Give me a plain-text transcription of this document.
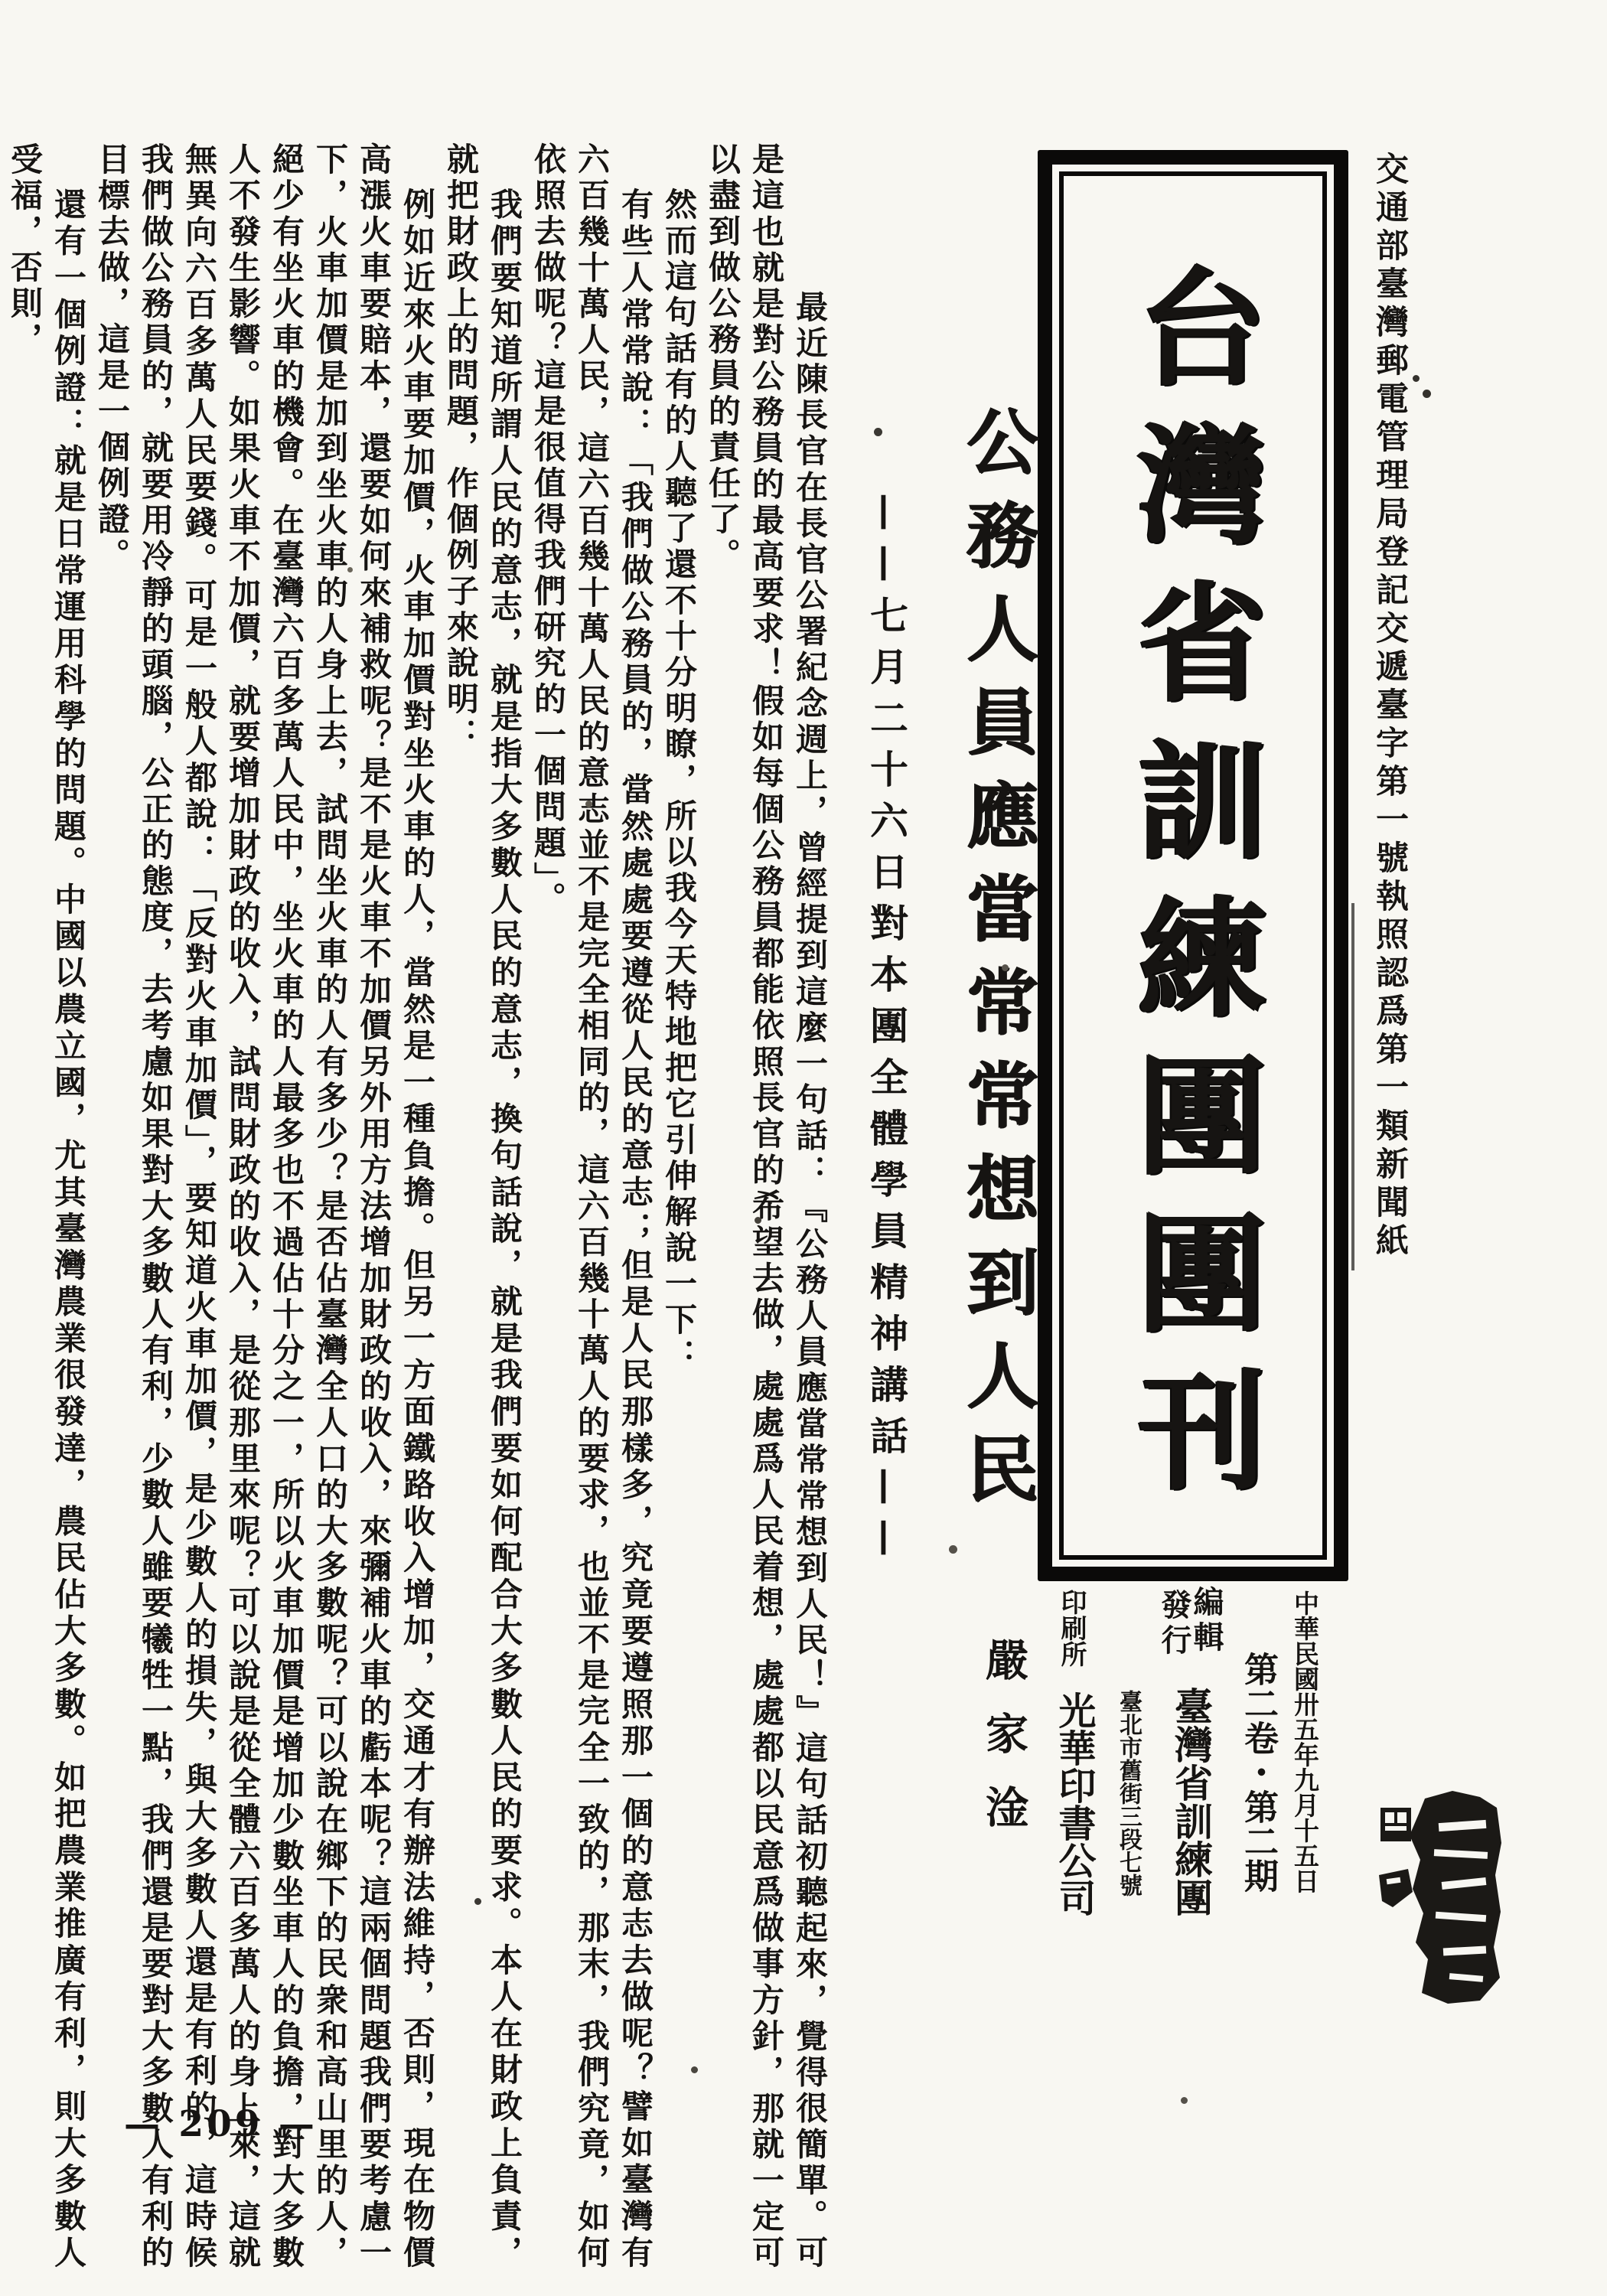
交通部臺灣郵電管理局登記交遞臺字第一號執照認爲第一類新聞紙
台灣省訓練團團刊
中華民國卅五年九月十五日
第二卷・第二期
編輯
發行
臺灣省訓練團
臺北市舊街三段七號
印刷所
光華印書公司
公務人員應當常常想到人民
——七月二十六日對本團全體學員精神講話——
嚴家淦

最近陳長官在長官公署紀念週上，曾經提到這麼一句話：『公務人員應當常常想到人民！』這句話初聽起來，覺得很簡單。可是這也就是對公務員的最高要求！假如每個公務員都能依照長官的希望去做，處處爲人民着想，處處都以民意爲做事方針，那就一定可以盡到做公務員的責任了。

然而這句話有的人聽了還不十分明瞭，所以我今天特地把它引伸解說一下：

有些人常常說：「我們做公務員的，當然處處要遵從人民的意志；但是人民那樣多，究竟要遵照那一個的意志去做呢？譬如臺灣有六百幾十萬人民，這六百幾十萬人民的意志並不是完全相同的，這六百幾十萬人的要求，也並不是完全一致的，那末，我們究竟，如何依照去做呢？這是很值得我們研究的一個問題」。

我們要知道所謂人民的意志，就是指大多數人民的意志，換句話說，就是我們要如何配合大多數人民的要求。本人在財政上負責，就把財政上的問題，作個例子來說明：

例如近來火車要加價，火車加價對坐火車的人，當然是一種負擔。但另一方面鐵路收入增加，交通才有辦法維持，否則，現在物價高漲火車要賠本，還要如何來補救呢？是不是火車不加價另外用方法增加財政的收入，來彌補火車的虧本呢？這兩個問題我們要考慮一下，火車加價是加到坐火車的人身上去，試問坐火車的人有多少？是否佔臺灣全人口的大多數呢？可以說在鄉下的民衆和高山里的人，絕少有坐火車的機會。在臺灣六百多萬人民中，坐火車的人最多也不過佔十分之一，所以火車加價是增加少數坐車人的負擔，對大多數人不發生影響。如果火車不加價，就要增加財政的收入，試問財政的收入，是從那里來呢？可以說是從全體六百多萬人的身上來，這就無異向六百多萬人民要錢。可是一般人都說：「反對火車加價」，要知道火車加價，是少數人的損失，與大多數人還是有利的，這時候我們做公務員的，就要用冷靜的頭腦，公正的態度，去考慮如果對大多數人有利，少數人雖要犧牲一點，我們還是要對大多數人有利的目標去做，這是一個例證。

還有一個例證：就是日常運用科學的問題。中國以農立國，尤其臺灣農業很發達，農民佔大多數。如把農業推廣有利，則大多數人受福，否則，

— 209 —
